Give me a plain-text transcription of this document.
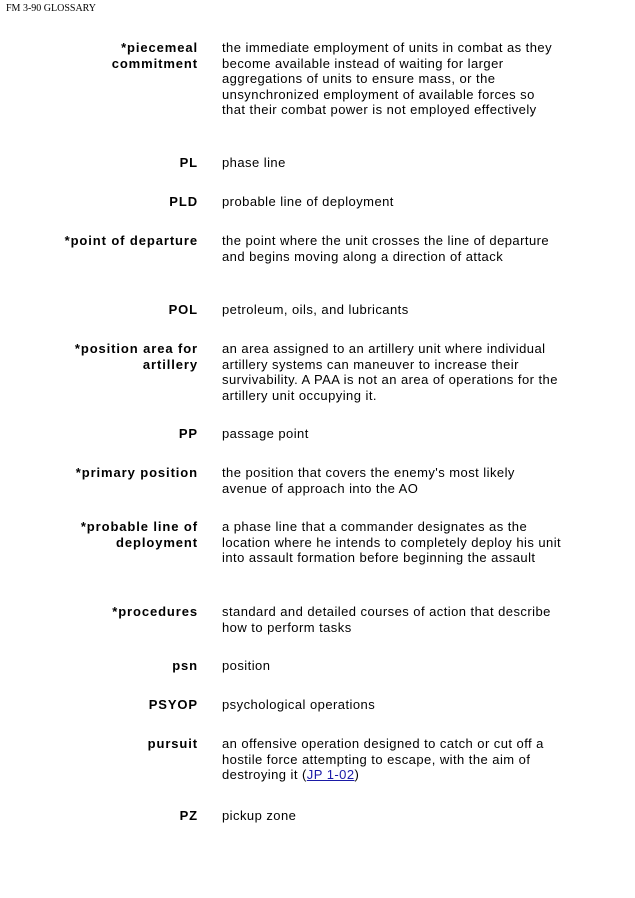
FM 3-90 GLOSSARY
*piecemeal
commitment
the immediate employment of units in combat as they become available instead of waiting for larger aggregations of units to ensure mass, or the unsynchronized employment of available forces so that their combat power is not employed effectively
PL phase line
PLD probable line of deployment
*point of departure the point where the unit crosses the line of departure and begins moving along a direction of attack
POL petroleum, oils, and lubricants
*position area for
artillery
an area assigned to an artillery unit where individual artillery systems can maneuver to increase their survivability. A PAA is not an area of operations for the artillery unit occupying it.
PP passage point
*primary position the position that covers the enemy's most likely avenue of approach into the AO
*probable line of
deployment
a phase line that a commander designates as the location where he intends to completely deploy his unit into assault formation before beginning the assault
*procedures standard and detailed courses of action that describe how to perform tasks
psn position
PSYOP psychological operations
pursuit an offensive operation designed to catch or cut off a hostile force attempting to escape, with the aim of destroying it (JP 1-02)
PZ pickup zone
